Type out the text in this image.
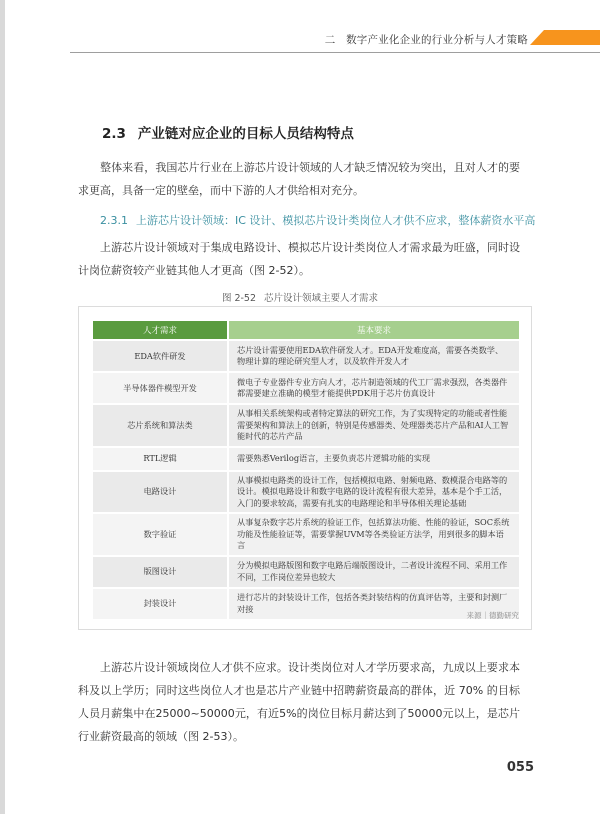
二　数字产业化企业的行业分析与人才策略
2.3 产业链对应企业的目标人员结构特点
整体来看，我国芯片行业在上游芯片设计领域的人才缺乏情况较为突出，且对人才的要求更高，具备一定的壁垒，而中下游的人才供给相对充分。
2.3.1 上游芯片设计领域：IC 设计、模拟芯片设计类岗位人才供不应求，整体薪资水平高
上游芯片设计领域对于集成电路设计、模拟芯片设计类岗位人才需求最为旺盛，同时设计岗位薪资较产业链其他人才更高（图 2-52）。
图 2-52 芯片设计领域主要人才需求
人才需求		基本要求
EDA软件研发		芯片设计需要使用EDA软件研发人才。EDA开发难度高，需要各类数学、物理计算的理论研究型人才，以及软件开发人才
半导体器件模型开发		微电子专业器件专业方向人才，芯片制造领域的代工厂需求强烈，各类器件都需要建立准确的模型才能提供PDK用于芯片仿真设计
芯片系统和算法类		从事相关系统架构或者特定算法的研究工作，为了实现特定的功能或者性能需要架构和算法上的创新，特别是传感器类、处理器类芯片产品和AI人工智能时代的芯片产品
RTL逻辑		需要熟悉Verilog语言，主要负责芯片逻辑功能的实现
电路设计		从事模拟电路类的设计工作，包括模拟电路、射频电路、数模混合电路等的设计。模拟电路设计和数字电路的设计流程有很大差异，基本是个手工活，入门的要求较高，需要有扎实的电路理论和半导体相关理论基础
数字验证		从事复杂数字芯片系统的验证工作，包括算法功能、性能的验证，SOC系统功能及性能验证等，需要掌握UVM等各类验证方法学，用到很多的脚本语言
版图设计		分为模拟电路版图和数字电路后端版图设计，二者设计流程不同、采用工作不同，工作岗位差异也较大
封装设计		进行芯片的封装设计工作，包括各类封装结构的仿真评估等，主要和封测厂对接
来源｜德勤研究
上游芯片设计领域岗位人才供不应求。设计类岗位对人才学历要求高，九成以上要求本科及以上学历；同时这些岗位人才也是芯片产业链中招聘薪资最高的群体，近 70% 的目标人员月薪集中在25000~50000元，有近5%的岗位目标月薪达到了50000元以上，是芯片行业薪资最高的领域（图 2-53）。
055
